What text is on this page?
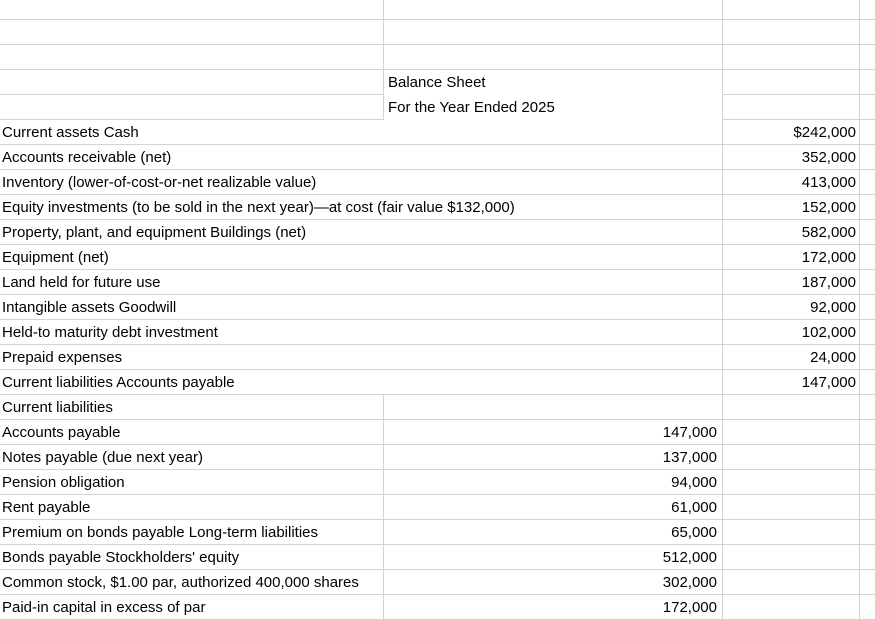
Balance Sheet
For the Year Ended 2025
Current assets Cash	$242,000
Accounts receivable (net)	352,000
Inventory (lower-of-cost-or-net realizable value)	413,000
Equity investments (to be sold in the next year)—at cost (fair value $132,000)	152,000
Property, plant, and equipment Buildings (net)	582,000
Equipment (net)	172,000
Land held for future use	187,000
Intangible assets Goodwill	92,000
Held-to maturity debt investment	102,000
Prepaid expenses	24,000
Current liabilities Accounts payable	147,000
Current liabilities
Accounts payable	147,000
Notes payable (due next year)	137,000
Pension obligation	94,000
Rent payable	61,000
Premium on bonds payable Long-term liabilities	65,000
Bonds payable Stockholders' equity	512,000
Common stock, $1.00 par, authorized 400,000 shares	302,000
Paid-in capital in excess of par	172,000
